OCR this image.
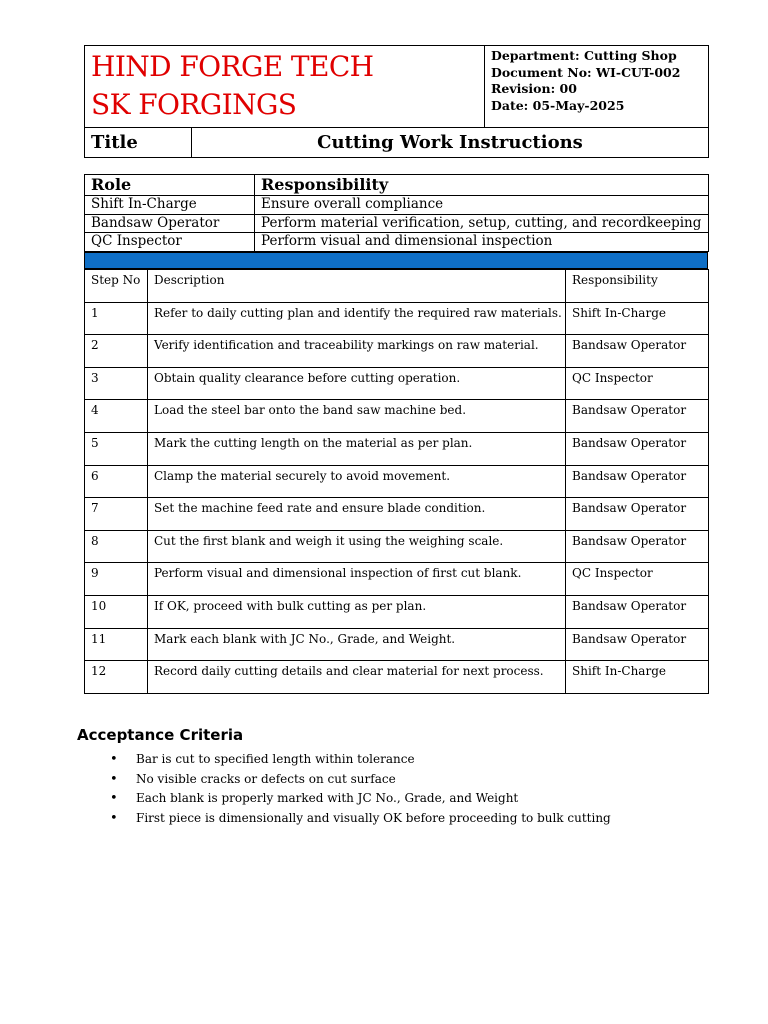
HIND FORGE TECH
SK FORGINGS

Department: Cutting Shop
Document No: WI-CUT-002
Revision: 00
Date: 05-May-2025
Title	Cutting Work Instructions
Role	Responsibility
Shift In-Charge	Ensure overall compliance
Bandsaw Operator	Perform material verification, setup, cutting, and recordkeeping
QC Inspector	Perform visual and dimensional inspection
Step No	Description	Responsibility
1	Refer to daily cutting plan and identify the required raw materials.	Shift In-Charge
2	Verify identification and traceability markings on raw material.	Bandsaw Operator
3	Obtain quality clearance before cutting operation.	QC Inspector
4	Load the steel bar onto the band saw machine bed.	Bandsaw Operator
5	Mark the cutting length on the material as per plan.	Bandsaw Operator
6	Clamp the material securely to avoid movement.	Bandsaw Operator
7	Set the machine feed rate and ensure blade condition.	Bandsaw Operator
8	Cut the first blank and weigh it using the weighing scale.	Bandsaw Operator
9	Perform visual and dimensional inspection of first cut blank.	QC Inspector
10	If OK, proceed with bulk cutting as per plan.	Bandsaw Operator
11	Mark each blank with JC No., Grade, and Weight.	Bandsaw Operator
12	Record daily cutting details and clear material for next process.	Shift In-Charge
Acceptance Criteria
• Bar is cut to specified length within tolerance
• No visible cracks or defects on cut surface
• Each blank is properly marked with JC No., Grade, and Weight
• First piece is dimensionally and visually OK before proceeding to bulk cutting
